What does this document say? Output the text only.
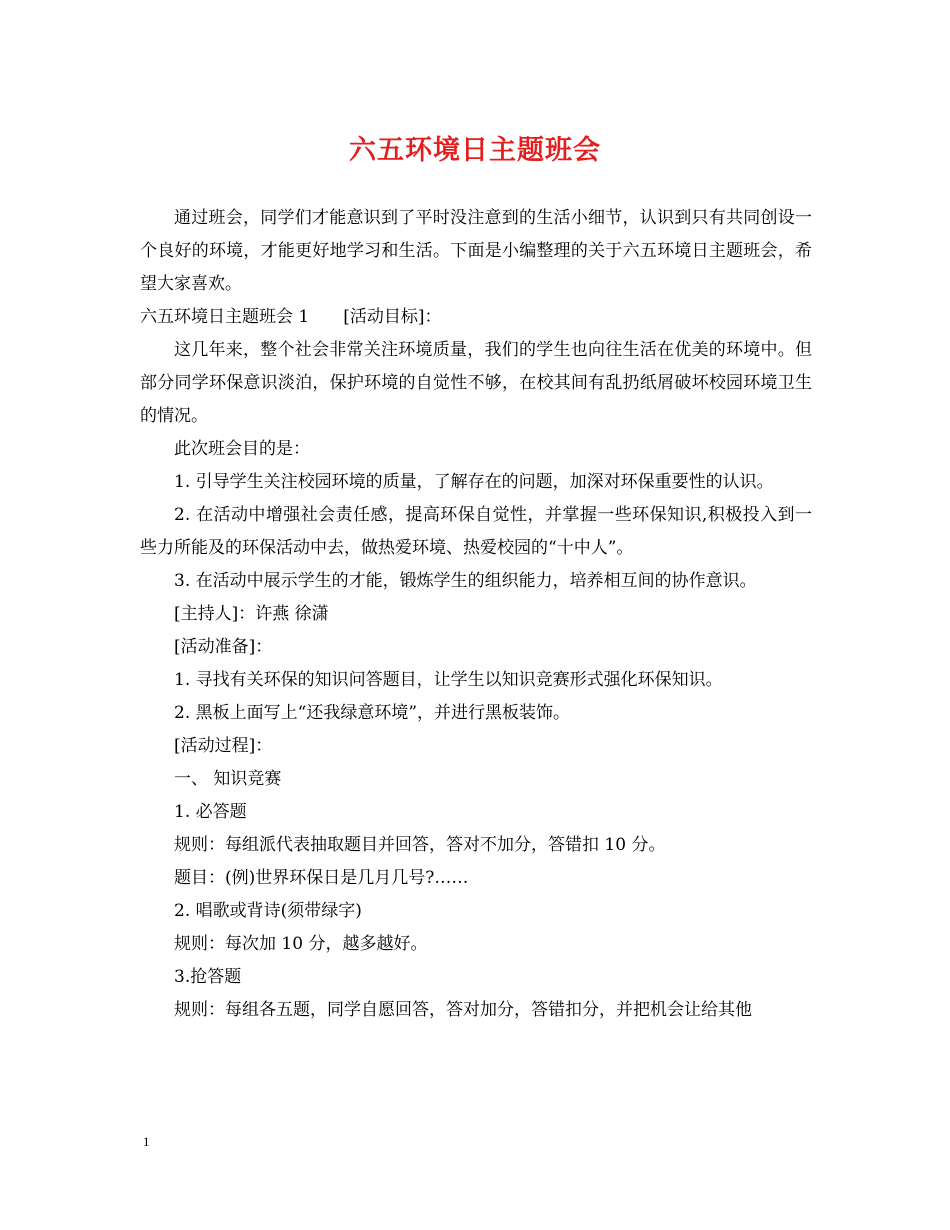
六五环境日主题班会

通过班会，同学们才能意识到了平时没注意到的生活小细节，认识到只有共同创设一个良好的环境，才能更好地学习和生活。下面是小编整理的关于六五环境日主题班会，希望大家喜欢。

六五环境日主题班会 1 [活动目标]：

这几年来，整个社会非常关注环境质量，我们的学生也向往生活在优美的环境中。但部分同学环保意识淡泊，保护环境的自觉性不够，在校其间有乱扔纸屑破坏校园环境卫生的情况。

此次班会目的是：

1. 引导学生关注校园环境的质量，了解存在的问题，加深对环保重要性的认识。

2. 在活动中增强社会责任感，提高环保自觉性，并掌握一些环保知识,积极投入到一些力所能及的环保活动中去，做热爱环境、热爱校园的“十中人”。

3. 在活动中展示学生的才能，锻炼学生的组织能力，培养相互间的协作意识。

[主持人]：许燕 徐潇

[活动准备]：

1. 寻找有关环保的知识问答题目，让学生以知识竞赛形式强化环保知识。

2. 黑板上面写上“还我绿意环境”，并进行黑板装饰。

[活动过程]：

一、 知识竞赛

1. 必答题

规则：每组派代表抽取题目并回答，答对不加分，答错扣 10 分。

题目：(例)世界环保日是几月几号?……

2. 唱歌或背诗(须带绿字)

规则：每次加 10 分，越多越好。

3.抢答题

规则：每组各五题，同学自愿回答，答对加分，答错扣分，并把机会让给其他

1
